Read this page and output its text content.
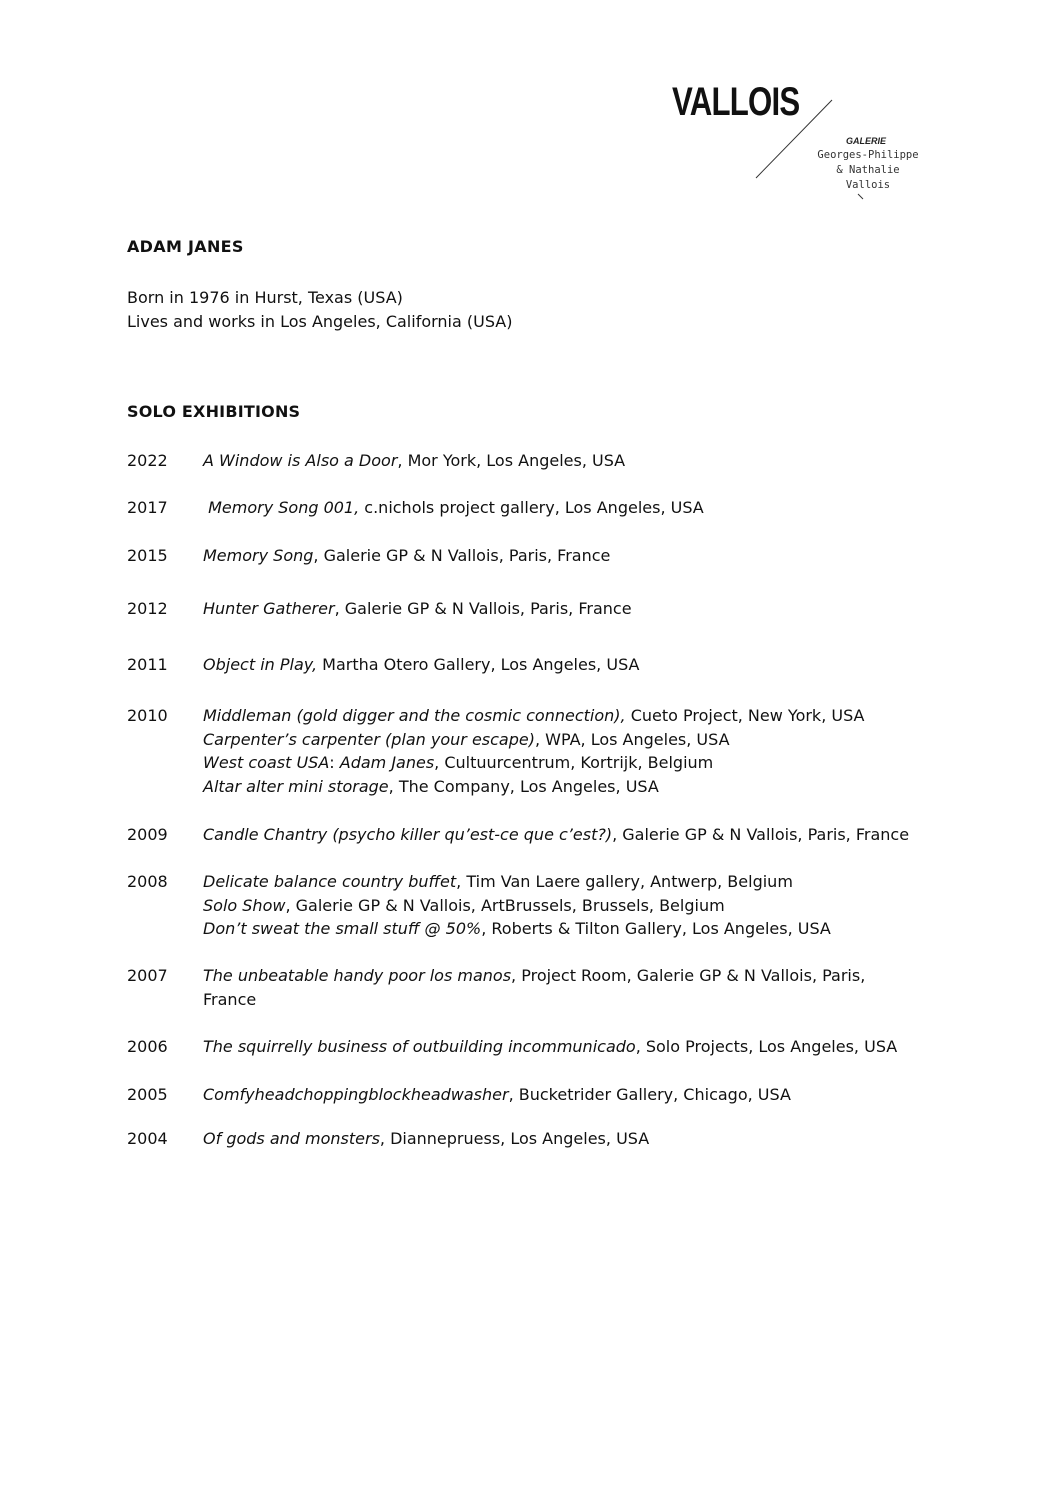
VALLOIS
GALERIE
Georges-Philippe
& Nathalie
Vallois
ADAM JANES
Born in 1976 in Hurst, Texas (USA)
Lives and works in Los Angeles, California (USA)
SOLO EXHIBITIONS
2022 A Window is Also a Door, Mor York, Los Angeles, USA
2017 Memory Song 001, c.nichols project gallery, Los Angeles, USA
2015 Memory Song, Galerie GP & N Vallois, Paris, France
2012 Hunter Gatherer, Galerie GP & N Vallois, Paris, France
2011 Object in Play, Martha Otero Gallery, Los Angeles, USA
2010 Middleman (gold digger and the cosmic connection), Cueto Project, New York, USA
Carpenter’s carpenter (plan your escape), WPA, Los Angeles, USA
West coast USA: Adam Janes, Cultuurcentrum, Kortrijk, Belgium
Altar alter mini storage, The Company, Los Angeles, USA
2009 Candle Chantry (psycho killer qu’est-ce que c’est?), Galerie GP & N Vallois, Paris, France
2008 Delicate balance country buffet, Tim Van Laere gallery, Antwerp, Belgium
Solo Show, Galerie GP & N Vallois, ArtBrussels, Brussels, Belgium
Don’t sweat the small stuff @ 50%, Roberts & Tilton Gallery, Los Angeles, USA
2007 The unbeatable handy poor los manos, Project Room, Galerie GP & N Vallois, Paris, France
2006 The squirrelly business of outbuilding incommunicado, Solo Projects, Los Angeles, USA
2005 Comfyheadchoppingblockheadwasher, Bucketrider Gallery, Chicago, USA
2004 Of gods and monsters, Diannepruess, Los Angeles, USA
